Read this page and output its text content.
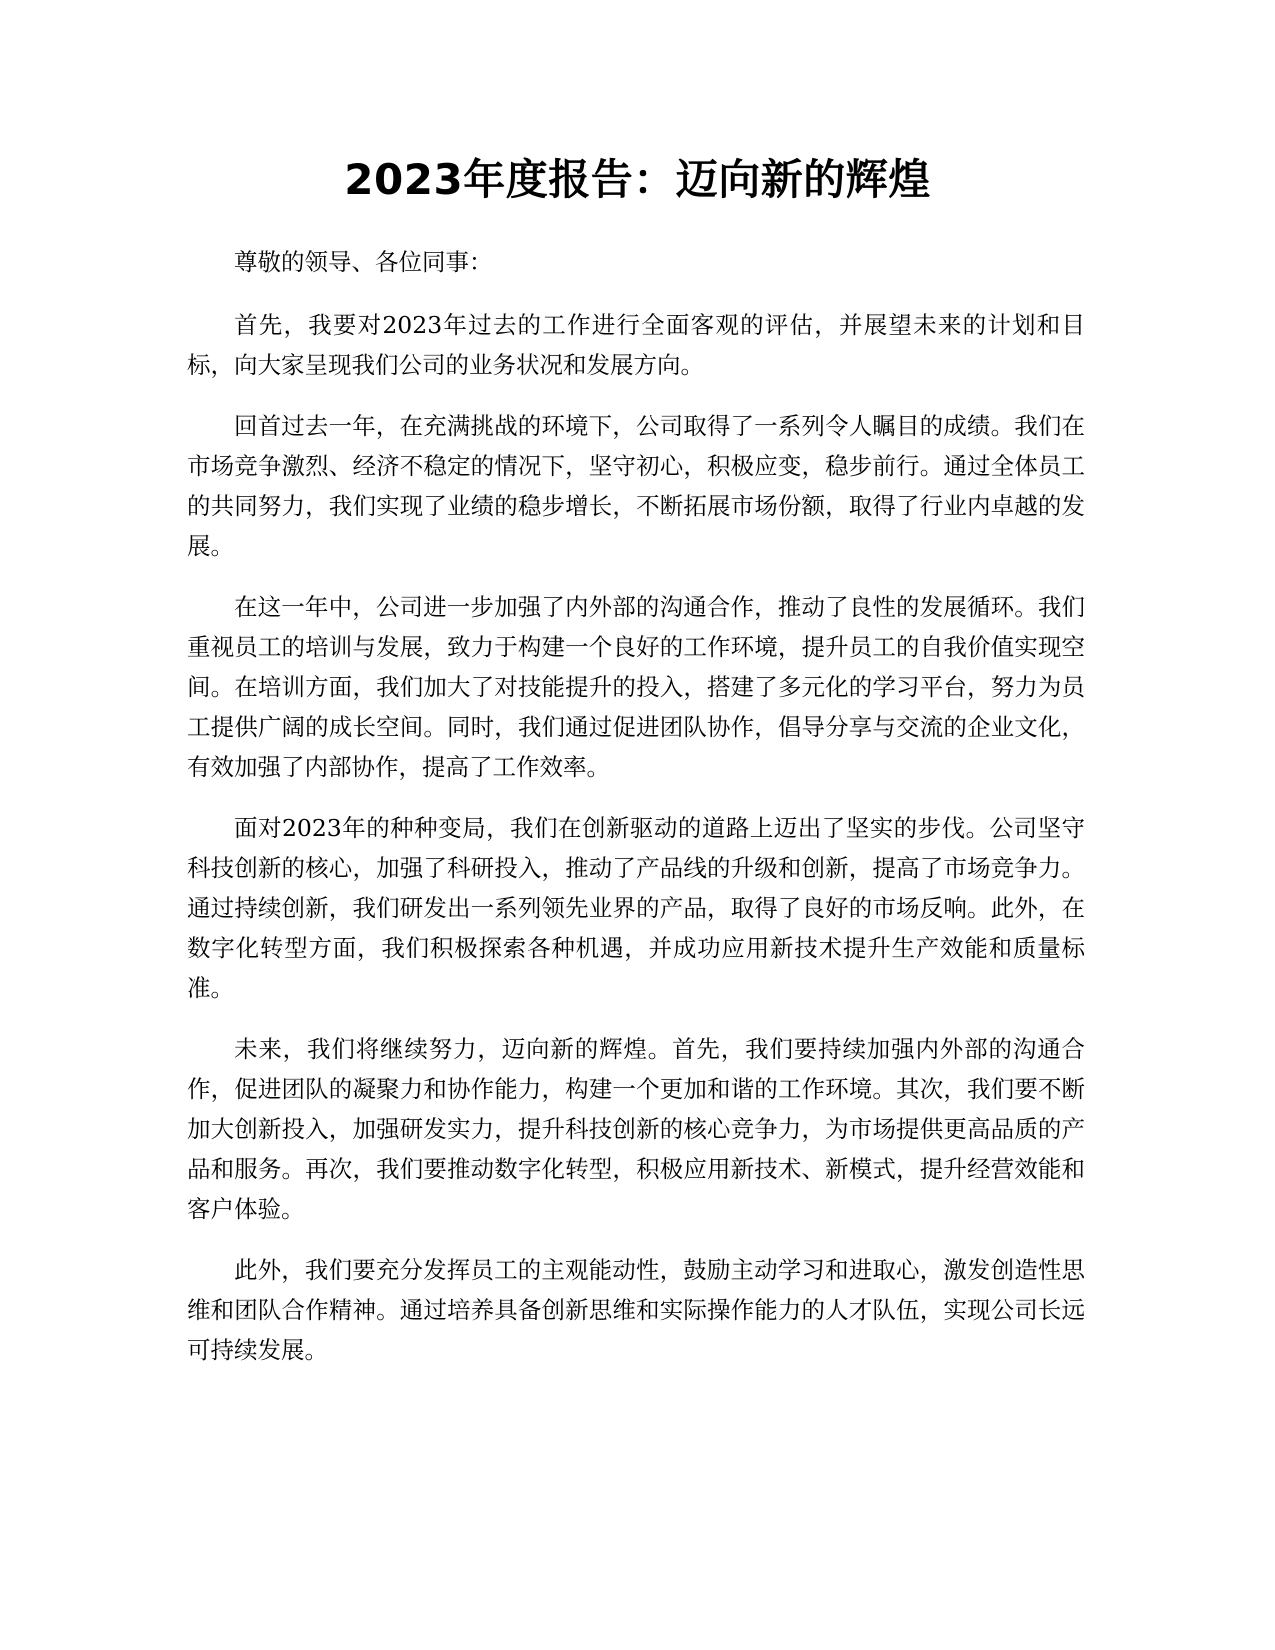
2023年度报告：迈向新的辉煌

尊敬的领导、各位同事：

首先，我要对2023年过去的工作进行全面客观的评估，并展望未来的计划和目标，向大家呈现我们公司的业务状况和发展方向。

回首过去一年，在充满挑战的环境下，公司取得了一系列令人瞩目的成绩。我们在市场竞争激烈、经济不稳定的情况下，坚守初心，积极应变，稳步前行。通过全体员工的共同努力，我们实现了业绩的稳步增长，不断拓展市场份额，取得了行业内卓越的发展。

在这一年中，公司进一步加强了内外部的沟通合作，推动了良性的发展循环。我们重视员工的培训与发展，致力于构建一个良好的工作环境，提升员工的自我价值实现空间。在培训方面，我们加大了对技能提升的投入，搭建了多元化的学习平台，努力为员工提供广阔的成长空间。同时，我们通过促进团队协作，倡导分享与交流的企业文化，有效加强了内部协作，提高了工作效率。

面对2023年的种种变局，我们在创新驱动的道路上迈出了坚实的步伐。公司坚守科技创新的核心，加强了科研投入，推动了产品线的升级和创新，提高了市场竞争力。通过持续创新，我们研发出一系列领先业界的产品，取得了良好的市场反响。此外，在数字化转型方面，我们积极探索各种机遇，并成功应用新技术提升生产效能和质量标准。

未来，我们将继续努力，迈向新的辉煌。首先，我们要持续加强内外部的沟通合作，促进团队的凝聚力和协作能力，构建一个更加和谐的工作环境。其次，我们要不断加大创新投入，加强研发实力，提升科技创新的核心竞争力，为市场提供更高品质的产品和服务。再次，我们要推动数字化转型，积极应用新技术、新模式，提升经营效能和客户体验。

此外，我们要充分发挥员工的主观能动性，鼓励主动学习和进取心，激发创造性思维和团队合作精神。通过培养具备创新思维和实际操作能力的人才队伍，实现公司长远可持续发展。
